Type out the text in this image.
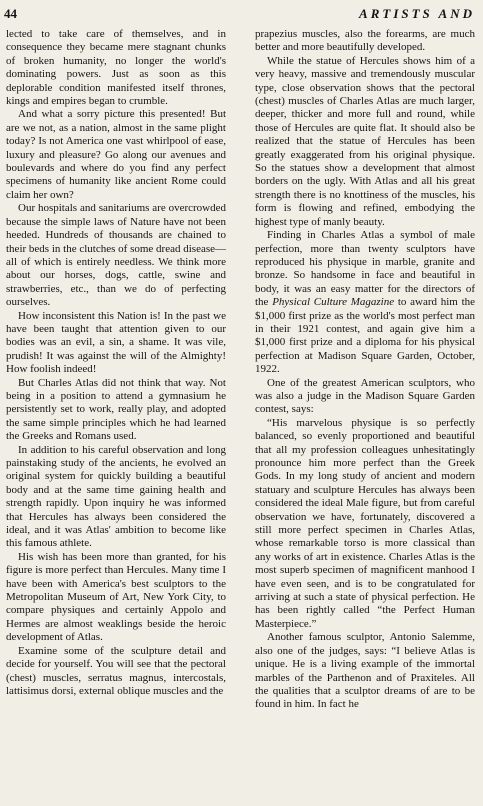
44	ARTISTS AND

lected to take care of themselves, and in consequence they became mere stagnant chunks of broken humanity, no longer the world's dominating powers. Just as soon as this deplorable condition manifested itself thrones, kings and empires began to crumble.

And what a sorry picture this presented! But are we not, as a nation, almost in the same plight today? Is not America one vast whirlpool of ease, luxury and pleasure? Go along our avenues and boulevards and where do you find any perfect specimens of humanity like ancient Rome could claim her own?

Our hospitals and sanitariums are overcrowded because the simple laws of Nature have not been heeded. Hundreds of thousands are chained to their beds in the clutches of some dread disease—all of which is entirely needless. We think more about our horses, dogs, cattle, swine and strawberries, etc., than we do of perfecting ourselves.

How inconsistent this Nation is! In the past we have been taught that attention given to our bodies was an evil, a sin, a shame. It was vile, prudish! It was against the will of the Almighty! How foolish indeed!

But Charles Atlas did not think that way. Not being in a position to attend a gymnasium he persistently set to work, really play, and adopted the same simple principles which he had learned the Greeks and Romans used.

In addition to his careful observation and long painstaking study of the ancients, he evolved an original system for quickly building a beautiful body and at the same time gaining health and strength rapidly. Upon inquiry he was informed that Hercules has always been considered the ideal, and it was Atlas' ambition to become like this famous athlete.

His wish has been more than granted, for his figure is more perfect than Hercules. Many time I have been with America's best sculptors to the Metropolitan Museum of Art, New York City, to compare physiques and certainly Appolo and Hermes are almost weaklings beside the heroic development of Atlas.

Examine some of the sculpture detail and decide for yourself. You will see that the pectoral (chest) muscles, serratus magnus, intercostals, lattisimus dorsi, external oblique muscles and the

prapezius muscles, also the forearms, are much better and more beautifully developed.

While the statue of Hercules shows him of a very heavy, massive and tremendously muscular type, close observation shows that the pectoral (chest) muscles of Charles Atlas are much larger, deeper, thicker and more full and round, while those of Hercules are quite flat. It should also be realized that the statue of Hercules has been greatly exaggerated from his original physique. So the statues show a development that almost borders on the ugly. With Atlas and all his great strength there is no knottiness of the muscles, his form is flowing and refined, embodying the highest type of manly beauty.

Finding in Charles Atlas a symbol of male perfection, more than twenty sculptors have reproduced his physique in marble, granite and bronze. So handsome in face and beautiful in body, it was an easy matter for the directors of the Physical Culture Magazine to award him the $1,000 first prize as the world's most perfect man in their 1921 contest, and again give him a $1,000 first prize and a diploma for his physical perfection at Madison Square Garden, October, 1922.

One of the greatest American sculptors, who was also a judge in the Madison Square Garden contest, says:

“His marvelous physique is so perfectly balanced, so evenly proportioned and beautiful that all my profession colleagues unhesitatingly pronounce him more perfect than the Greek Gods. In my long study of ancient and modern statuary and sculpture Hercules has always been considered the ideal Male figure, but from careful observation we have, fortunately, discovered a still more perfect specimen in Charles Atlas, whose remarkable torso is more classical than any works of art in existence. Charles Atlas is the most superb specimen of magnificent manhood I have even seen, and is to be congratulated for arriving at such a state of physical perfection. He has been rightly called “the Perfect Human Masterpiece.”

Another famous sculptor, Antonio Salemme, also one of the judges, says: “I believe Atlas is unique. He is a living example of the immortal marbles of the Parthenon and of Praxiteles. All the qualities that a sculptor dreams of are to be found in him. In fact he
